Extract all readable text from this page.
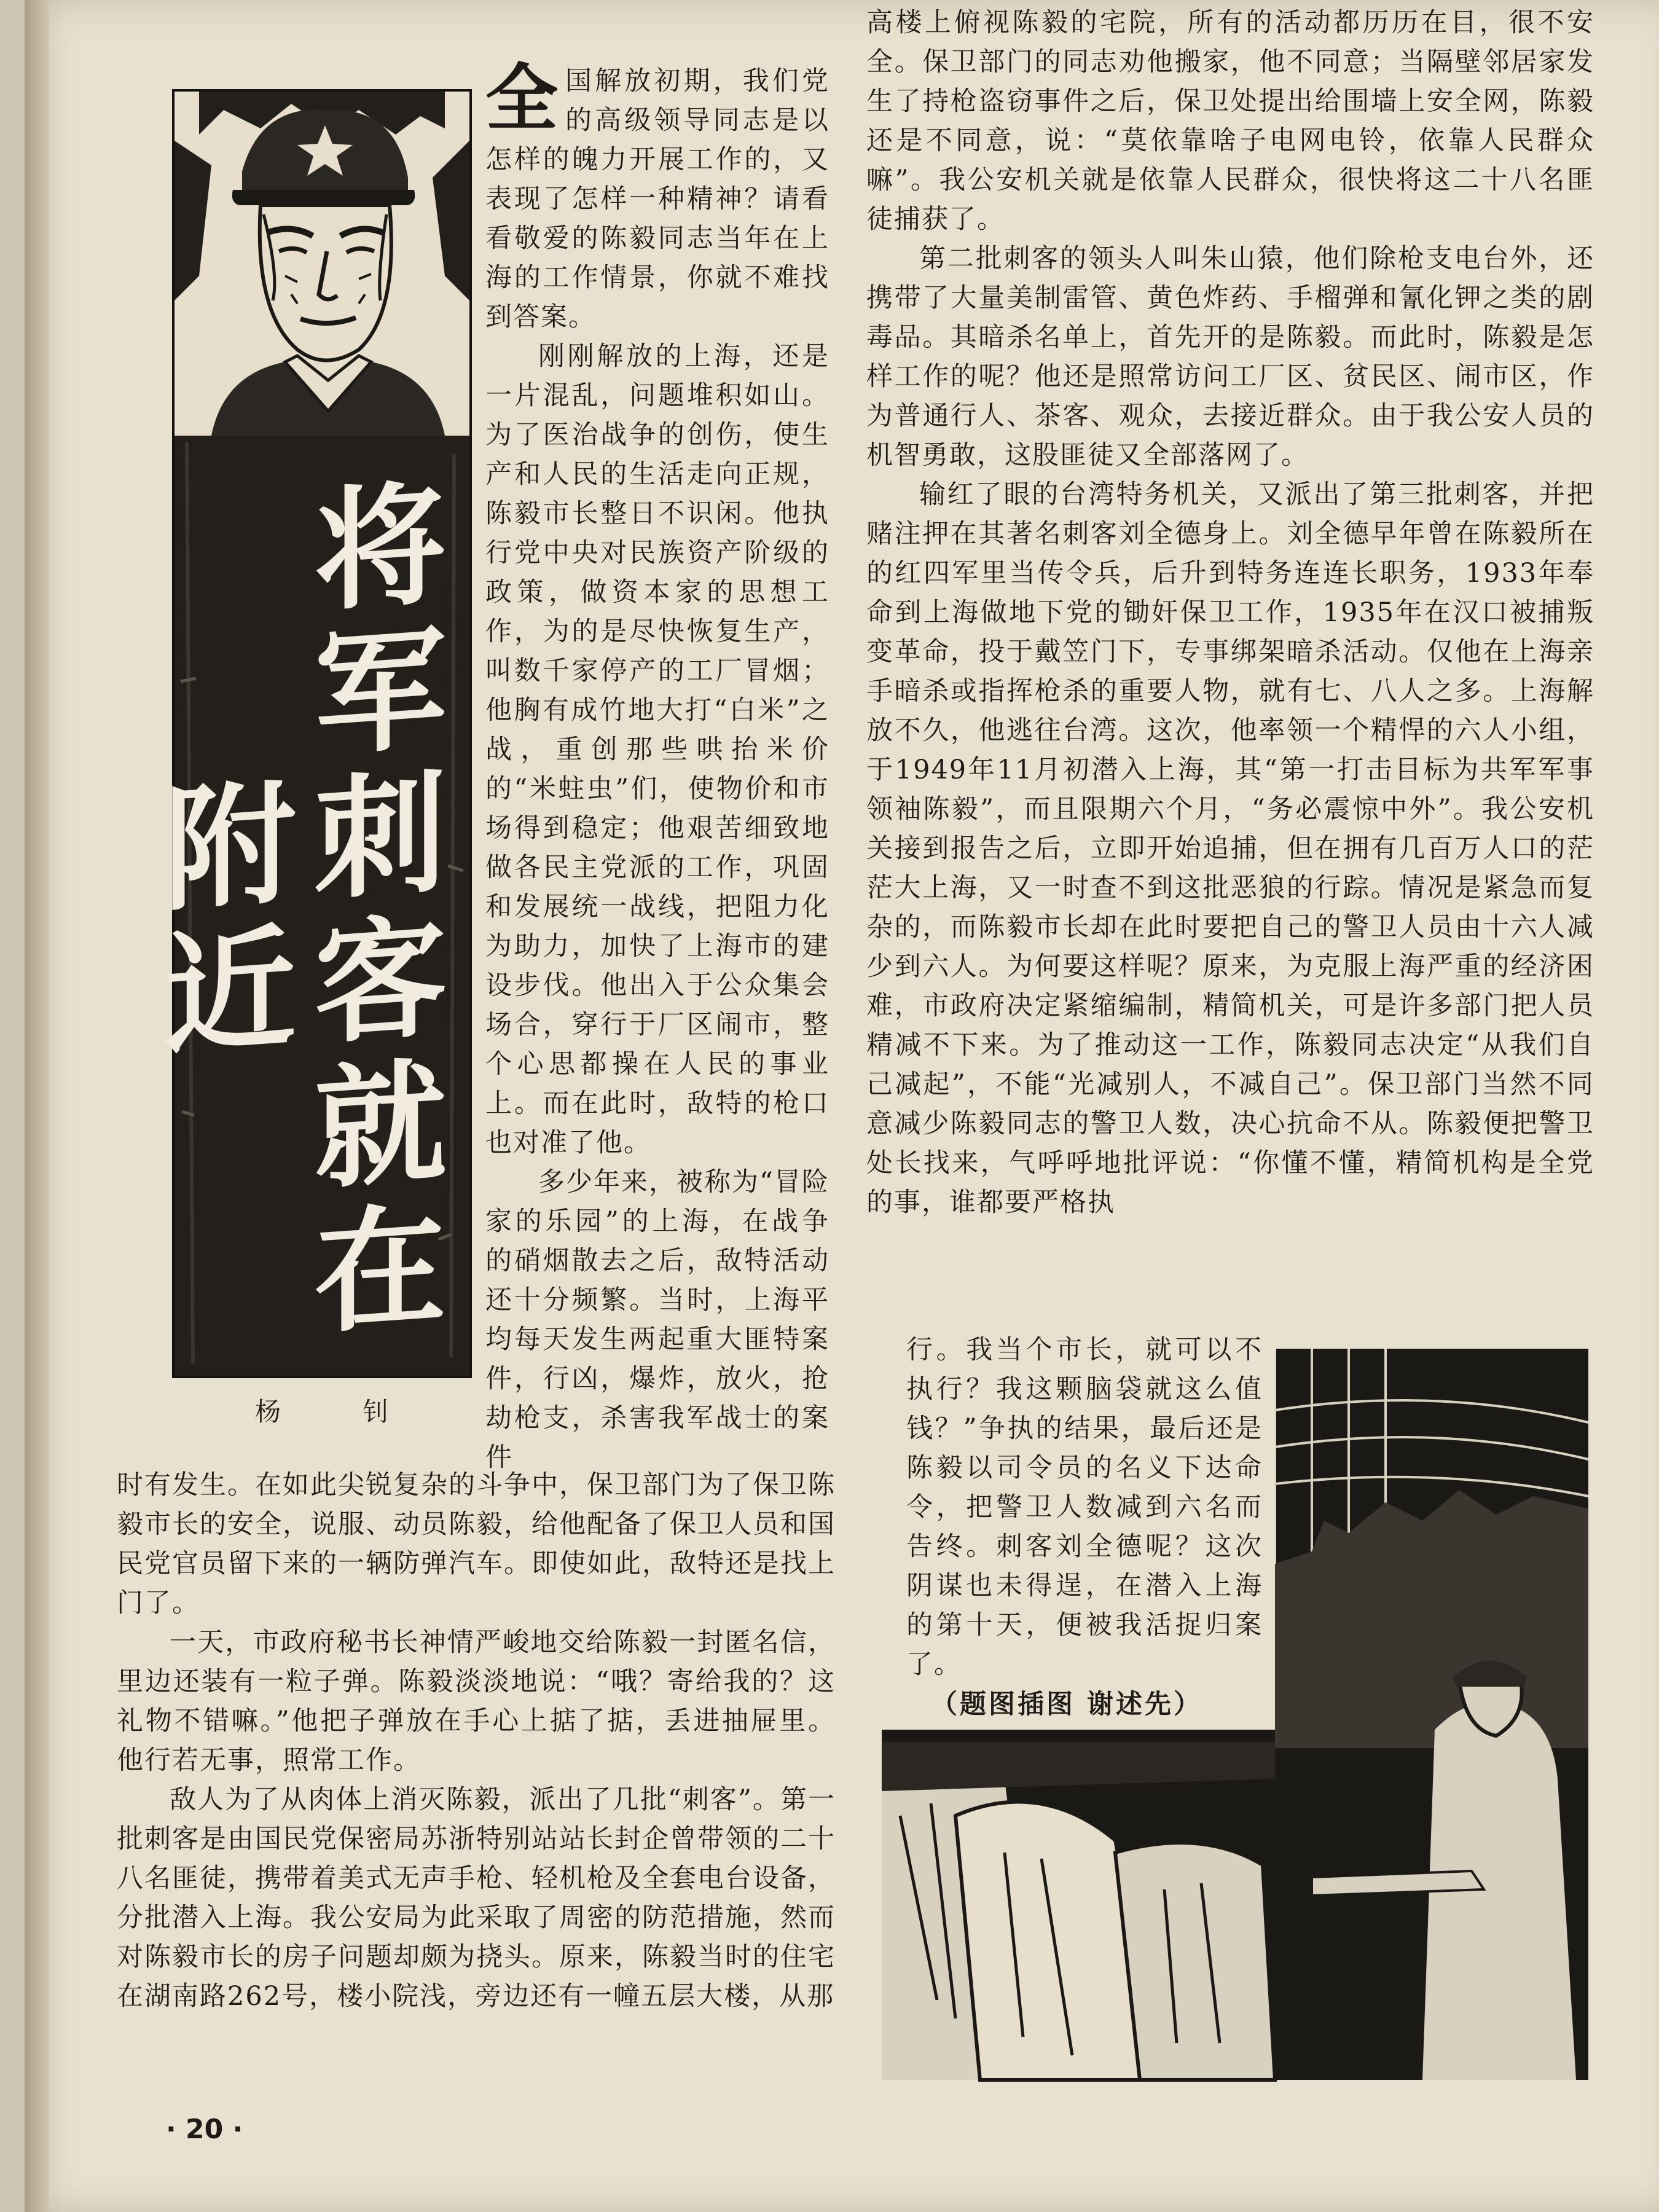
将军刺客就在附近
杨 钊

全国解放初期，我们党的高级领导同志是以怎样的魄力开展工作的，又表现了怎样一种精神？请看看敬爱的陈毅同志当年在上海的工作情景，你就不难找到答案。

刚刚解放的上海，还是一片混乱，问题堆积如山。为了医治战争的创伤，使生产和人民的生活走向正规，陈毅市长整日不识闲。他执行党中央对民族资产阶级的政策，做资本家的思想工作，为的是尽快恢复生产，叫数千家停产的工厂冒烟；他胸有成竹地大打“白米”之战，重创那些哄抬米价的“米蛀虫”们，使物价和市场得到稳定；他艰苦细致地做各民主党派的工作，巩固和发展统一战线，把阻力化为助力，加快了上海市的建设步伐。他出入于公众集会场合，穿行于厂区闹市，整个心思都操在人民的事业上。而在此时，敌特的枪口也对准了他。

多少年来，被称为“冒险家的乐园”的上海，在战争的硝烟散去之后，敌特活动还十分频繁。当时，上海平均每天发生两起重大匪特案件，行凶，爆炸，放火，抢劫枪支，杀害我军战士的案件

时有发生。在如此尖锐复杂的斗争中，保卫部门为了保卫陈毅市长的安全，说服、动员陈毅，给他配备了保卫人员和国民党官员留下来的一辆防弹汽车。即使如此，敌特还是找上门了。

一天，市政府秘书长神情严峻地交给陈毅一封匿名信，里边还装有一粒子弹。陈毅淡淡地说：“哦？寄给我的？这礼物不错嘛。”他把子弹放在手心上掂了掂，丢进抽屉里。他行若无事，照常工作。

敌人为了从肉体上消灭陈毅，派出了几批“刺客”。第一批刺客是由国民党保密局苏浙特别站站长封企曾带领的二十八名匪徒，携带着美式无声手枪、轻机枪及全套电台设备，分批潜入上海。我公安局为此采取了周密的防范措施，然而对陈毅市长的房子问题却颇为挠头。原来，陈毅当时的住宅在湖南路262号，楼小院浅，旁边还有一幢五层大楼，从那

高楼上俯视陈毅的宅院，所有的活动都历历在目，很不安全。保卫部门的同志劝他搬家，他不同意；当隔壁邻居家发生了持枪盗窃事件之后，保卫处提出给围墙上安全网，陈毅还是不同意，说：“莫依靠啥子电网电铃，依靠人民群众嘛”。我公安机关就是依靠人民群众，很快将这二十八名匪徒捕获了。

第二批刺客的领头人叫朱山猿，他们除枪支电台外，还携带了大量美制雷管、黄色炸药、手榴弹和氰化钾之类的剧毒品。其暗杀名单上，首先开的是陈毅。而此时，陈毅是怎样工作的呢？他还是照常访问工厂区、贫民区、闹市区，作为普通行人、茶客、观众，去接近群众。由于我公安人员的机智勇敢，这股匪徒又全部落网了。

输红了眼的台湾特务机关，又派出了第三批刺客，并把赌注押在其著名刺客刘全德身上。刘全德早年曾在陈毅所在的红四军里当传令兵，后升到特务连连长职务，1933年奉命到上海做地下党的锄奸保卫工作，1935年在汉口被捕叛变革命，投于戴笠门下，专事绑架暗杀活动。仅他在上海亲手暗杀或指挥枪杀的重要人物，就有七、八人之多。上海解放不久，他逃往台湾。这次，他率领一个精悍的六人小组，于1949年11月初潜入上海，其“第一打击目标为共军军事领袖陈毅”，而且限期六个月，“务必震惊中外”。我公安机关接到报告之后，立即开始追捕，但在拥有几百万人口的茫茫大上海，又一时查不到这批恶狼的行踪。情况是紧急而复杂的，而陈毅市长却在此时要把自己的警卫人员由十六人减少到六人。为何要这样呢？原来，为克服上海严重的经济困难，市政府决定紧缩编制，精简机关，可是许多部门把人员精减不下来。为了推动这一工作，陈毅同志决定“从我们自己减起”，不能“光减别人，不减自己”。保卫部门当然不同意减少陈毅同志的警卫人数，决心抗命不从。陈毅便把警卫处长找来，气呼呼地批评说：“你懂不懂，精简机构是全党的事，谁都要严格执

行。我当个市长，就可以不执行？我这颗脑袋就这么值钱？”争执的结果，最后还是陈毅以司令员的名义下达命令，把警卫人数减到六名而告终。刺客刘全德呢？这次阴谋也未得逞，在潜入上海的第十天，便被我活捉归案了。

（题图插图 谢述先）
· 20 ·
